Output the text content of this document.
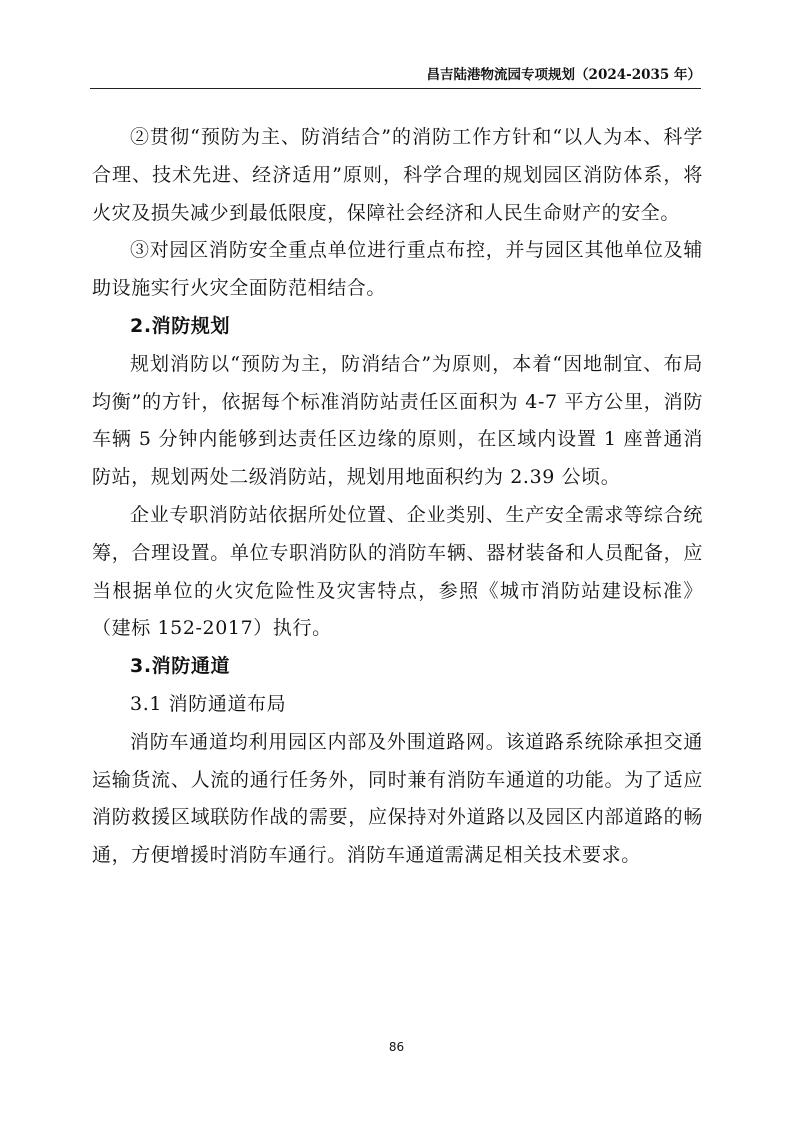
昌吉陆港物流园专项规划（2024-2035 年）

②贯彻“预防为主、防消结合”的消防工作方针和“以人为本、科学合理、技术先进、经济适用”原则，科学合理的规划园区消防体系，将火灾及损失减少到最低限度，保障社会经济和人民生命财产的安全。

③对园区消防安全重点单位进行重点布控，并与园区其他单位及辅助设施实行火灾全面防范相结合。

2.消防规划

规划消防以“预防为主，防消结合”为原则，本着“因地制宜、布局均衡”的方针，依据每个标准消防站责任区面积为 4-7 平方公里，消防车辆 5 分钟内能够到达责任区边缘的原则，在区域内设置 1 座普通消防站，规划两处二级消防站，规划用地面积约为 2.39 公顷。

企业专职消防站依据所处位置、企业类别、生产安全需求等综合统筹，合理设置。单位专职消防队的消防车辆、器材装备和人员配备，应当根据单位的火灾危险性及灾害特点，参照《城市消防站建设标准》（建标 152-2017）执行。

3.消防通道

3.1 消防通道布局

消防车通道均利用园区内部及外围道路网。该道路系统除承担交通运输货流、人流的通行任务外，同时兼有消防车通道的功能。为了适应消防救援区域联防作战的需要，应保持对外道路以及园区内部道路的畅通，方便增援时消防车通行。消防车通道需满足相关技术要求。

86
